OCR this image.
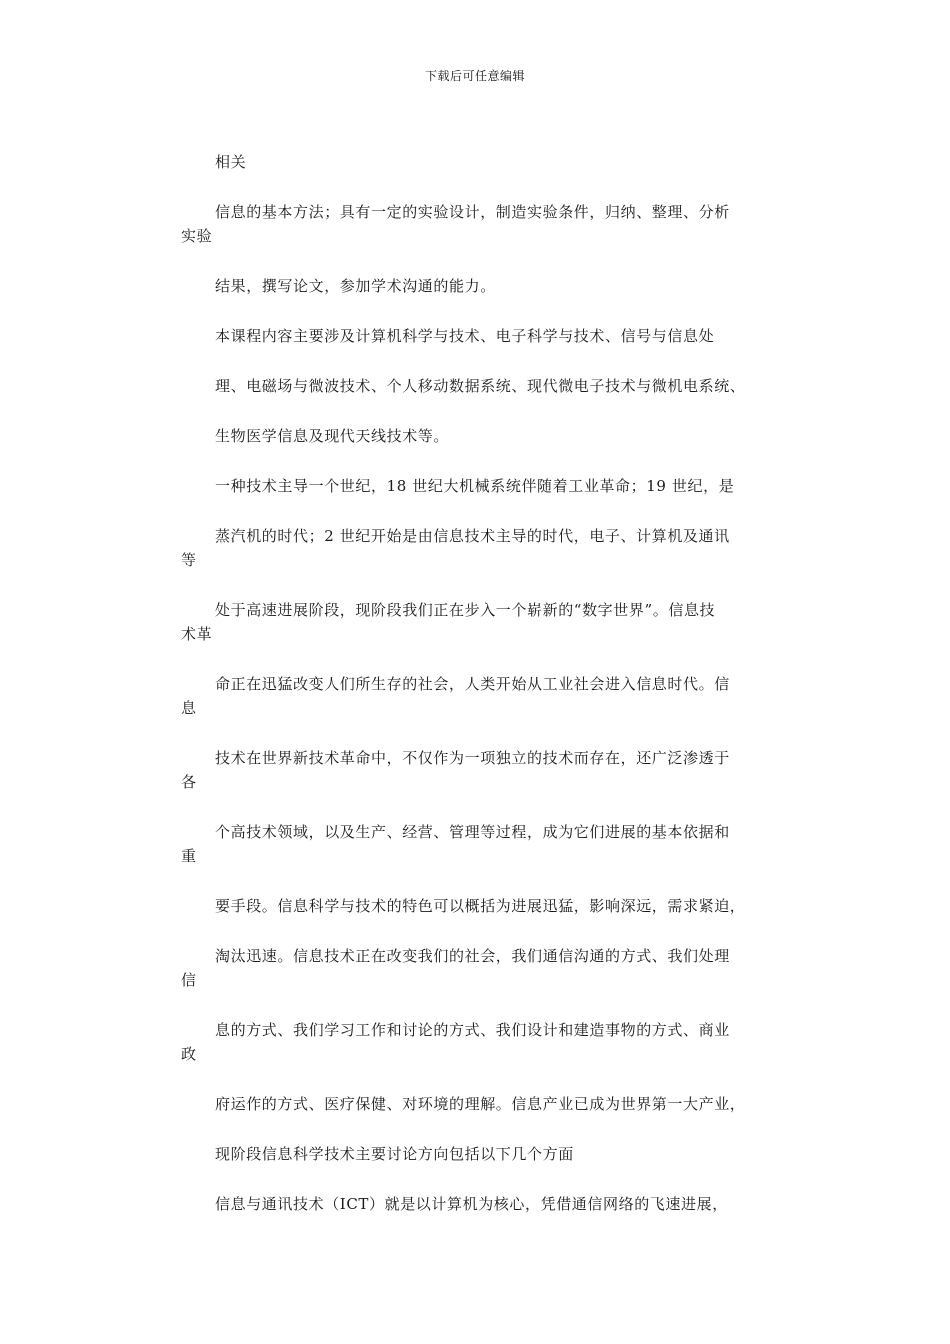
下载后可任意编辑

相关

信息的基本方法；具有一定的实验设计，制造实验条件，归纳、整理、分析
实验

结果，撰写论文，参加学术沟通的能力。

本课程内容主要涉及计算机科学与技术、电子科学与技术、信号与信息处

理、电磁场与微波技术、个人移动数据系统、现代微电子技术与微机电系统、

生物医学信息及现代天线技术等。

一种技术主导一个世纪，18 世纪大机械系统伴随着工业革命；19 世纪，是

蒸汽机的时代；2 世纪开始是由信息技术主导的时代，电子、计算机及通讯
等

处于高速进展阶段，现阶段我们正在步入一个崭新的“数字世界”。信息技
术革

命正在迅猛改变人们所生存的社会，人类开始从工业社会进入信息时代。信
息

技术在世界新技术革命中，不仅作为一项独立的技术而存在，还广泛渗透于
各

个高技术领域，以及生产、经营、管理等过程，成为它们进展的基本依据和
重

要手段。信息科学与技术的特色可以概括为进展迅猛，影响深远，需求紧迫，

淘汰迅速。信息技术正在改变我们的社会，我们通信沟通的方式、我们处理
信

息的方式、我们学习工作和讨论的方式、我们设计和建造事物的方式、商业
政

府运作的方式、医疗保健、对环境的理解。信息产业已成为世界第一大产业，

现阶段信息科学技术主要讨论方向包括以下几个方面

信息与通讯技术（ICT）就是以计算机为核心，凭借通信网络的飞速进展，
